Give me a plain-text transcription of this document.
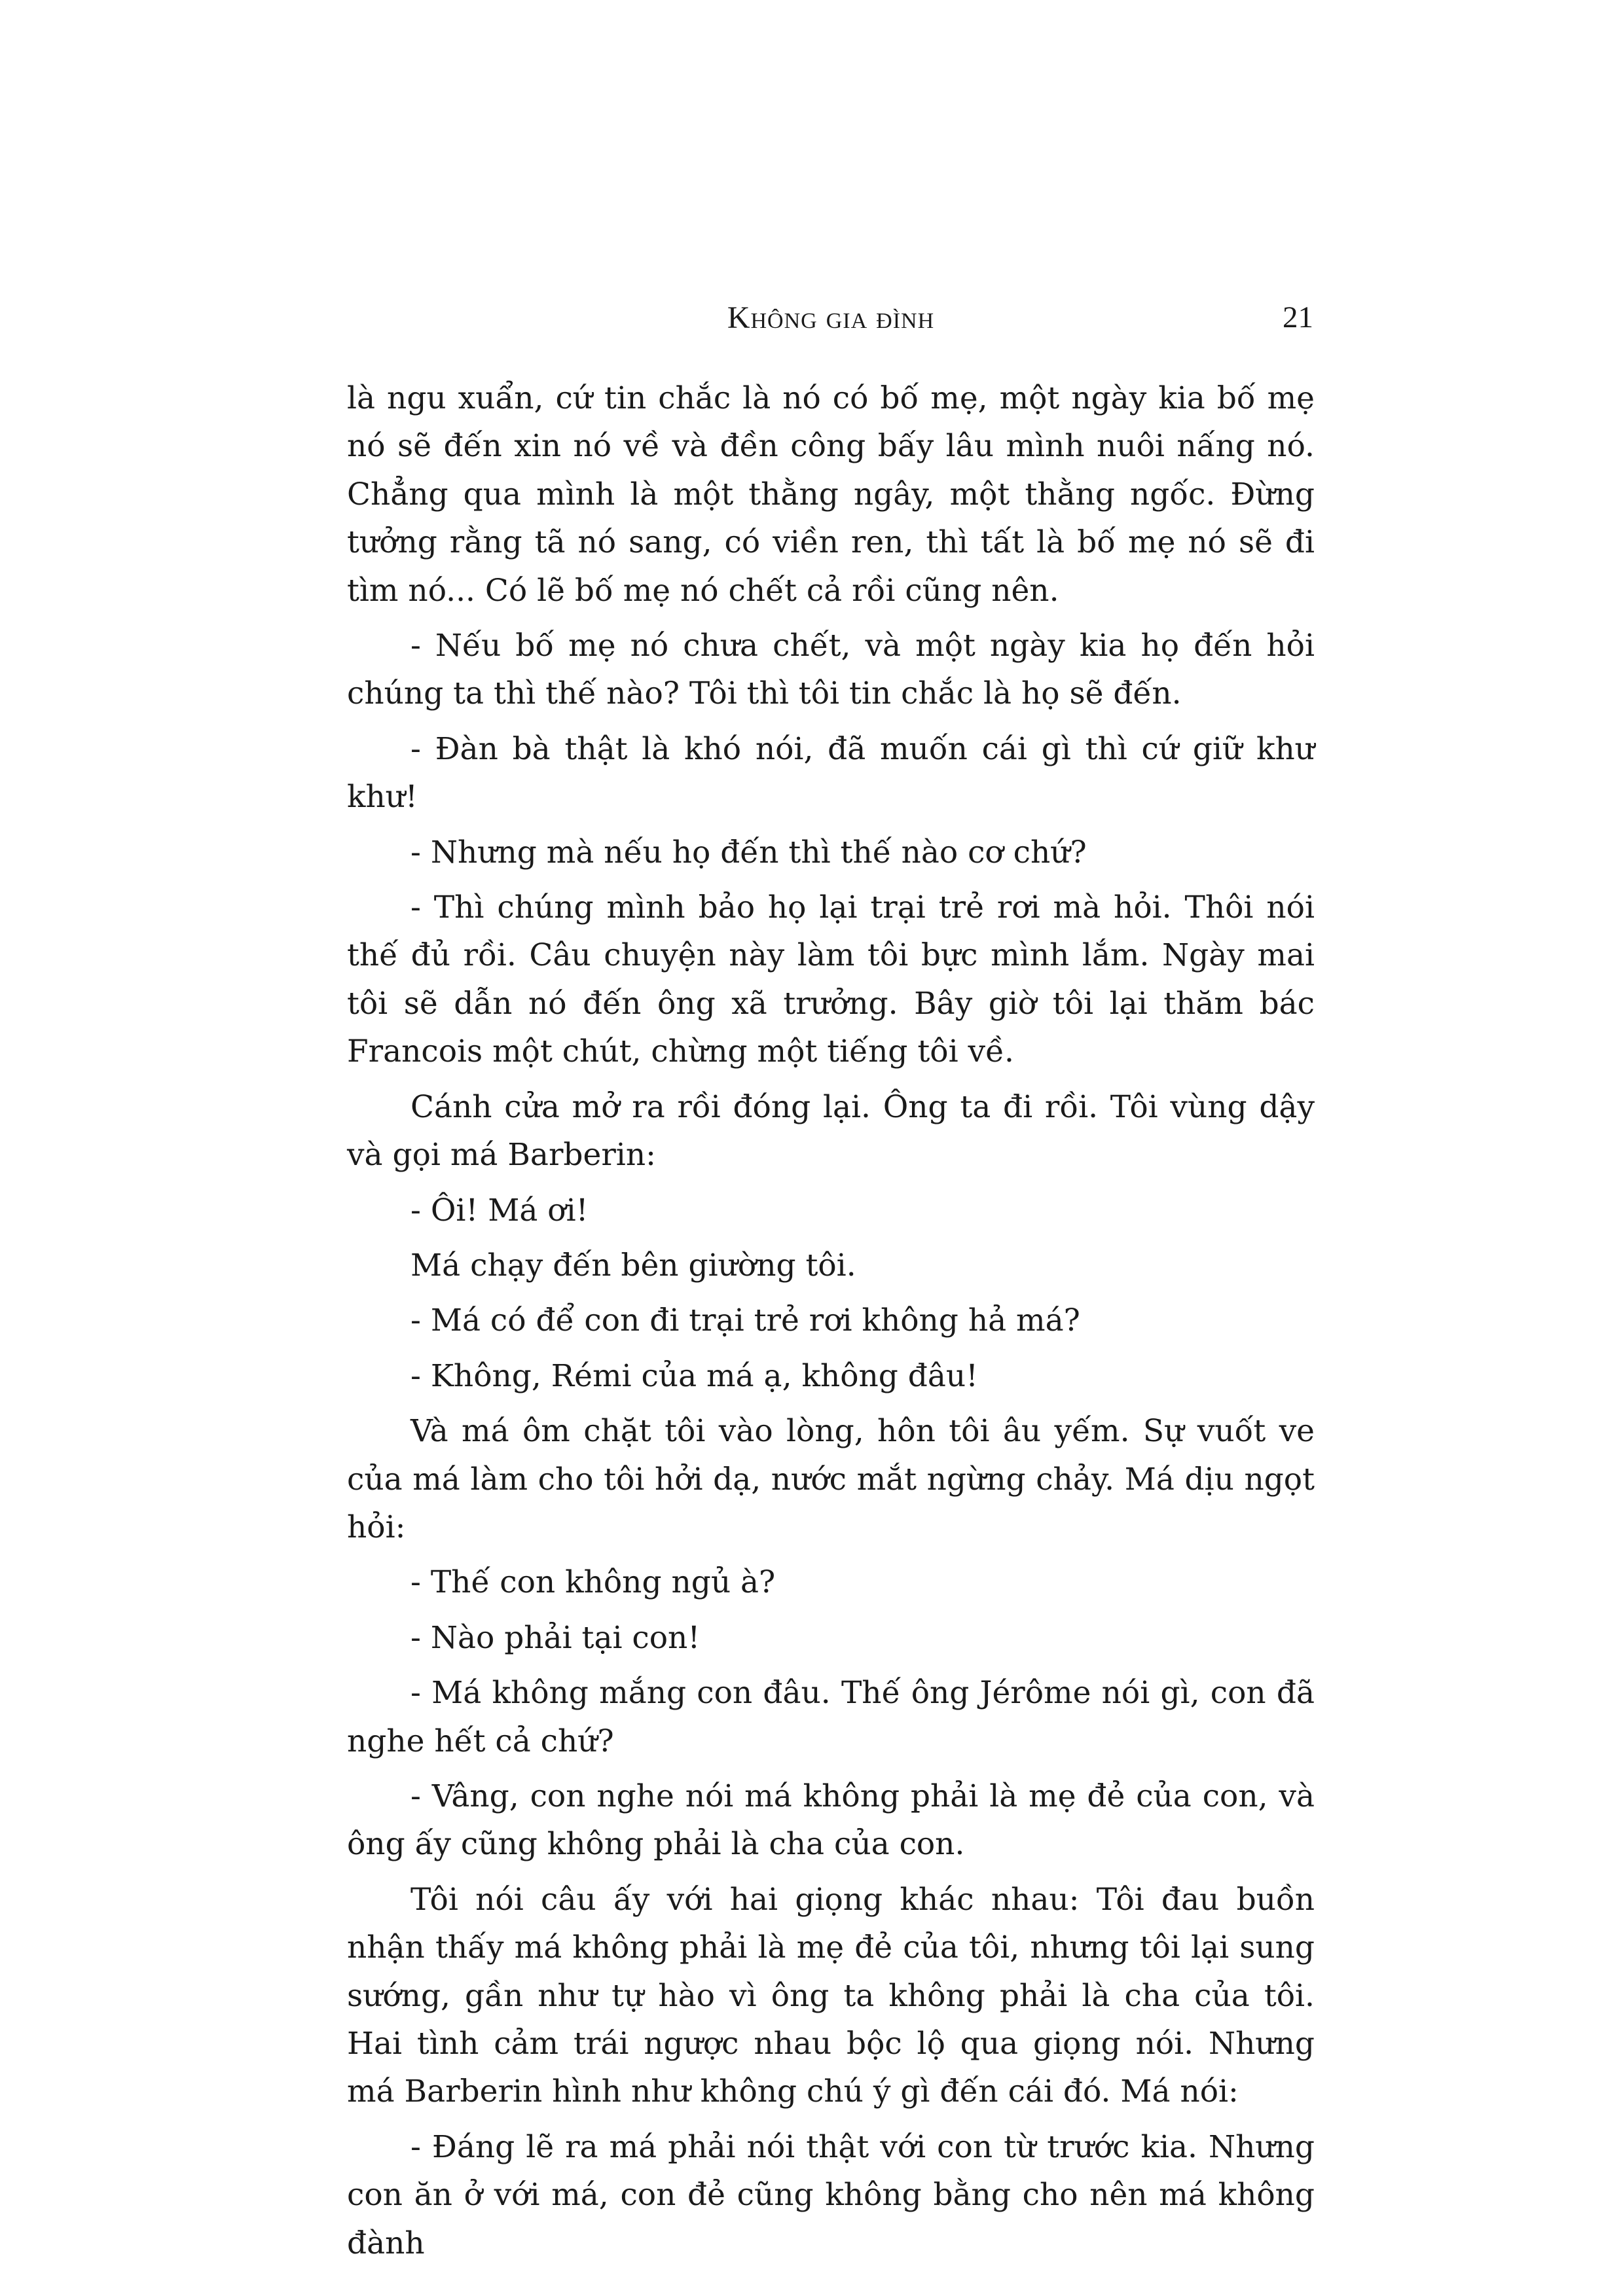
Không gia đình	21

là ngu xuẩn, cứ tin chắc là nó có bố mẹ, một ngày kia bố mẹ nó sẽ đến xin nó về và đền công bấy lâu mình nuôi nấng nó. Chẳng qua mình là một thằng ngây, một thằng ngốc. Đừng tưởng rằng tã nó sang, có viền ren, thì tất là bố mẹ nó sẽ đi tìm nó... Có lẽ bố mẹ nó chết cả rồi cũng nên.

- Nếu bố mẹ nó chưa chết, và một ngày kia họ đến hỏi chúng ta thì thế nào? Tôi thì tôi tin chắc là họ sẽ đến.

- Đàn bà thật là khó nói, đã muốn cái gì thì cứ giữ khư khư!

- Nhưng mà nếu họ đến thì thế nào cơ chứ?

- Thì chúng mình bảo họ lại trại trẻ rơi mà hỏi. Thôi nói thế đủ rồi. Câu chuyện này làm tôi bực mình lắm. Ngày mai tôi sẽ dẫn nó đến ông xã trưởng. Bây giờ tôi lại thăm bác Francois một chút, chừng một tiếng tôi về.

Cánh cửa mở ra rồi đóng lại. Ông ta đi rồi. Tôi vùng dậy và gọi má Barberin:

- Ôi! Má ơi!

Má chạy đến bên giường tôi.

- Má có để con đi trại trẻ rơi không hả má?

- Không, Rémi của má ạ, không đâu!

Và má ôm chặt tôi vào lòng, hôn tôi âu yếm. Sự vuốt ve của má làm cho tôi hởi dạ, nước mắt ngừng chảy. Má dịu ngọt hỏi:

- Thế con không ngủ à?

- Nào phải tại con!

- Má không mắng con đâu. Thế ông Jérôme nói gì, con đã nghe hết cả chứ?

- Vâng, con nghe nói má không phải là mẹ đẻ của con, và ông ấy cũng không phải là cha của con.

Tôi nói câu ấy với hai giọng khác nhau: Tôi đau buồn nhận thấy má không phải là mẹ đẻ của tôi, nhưng tôi lại sung sướng, gần như tự hào vì ông ta không phải là cha của tôi. Hai tình cảm trái ngược nhau bộc lộ qua giọng nói. Nhưng má Barberin hình như không chú ý gì đến cái đó. Má nói:

- Đáng lẽ ra má phải nói thật với con từ trước kia. Nhưng con ăn ở với má, con đẻ cũng không bằng cho nên má không đành
